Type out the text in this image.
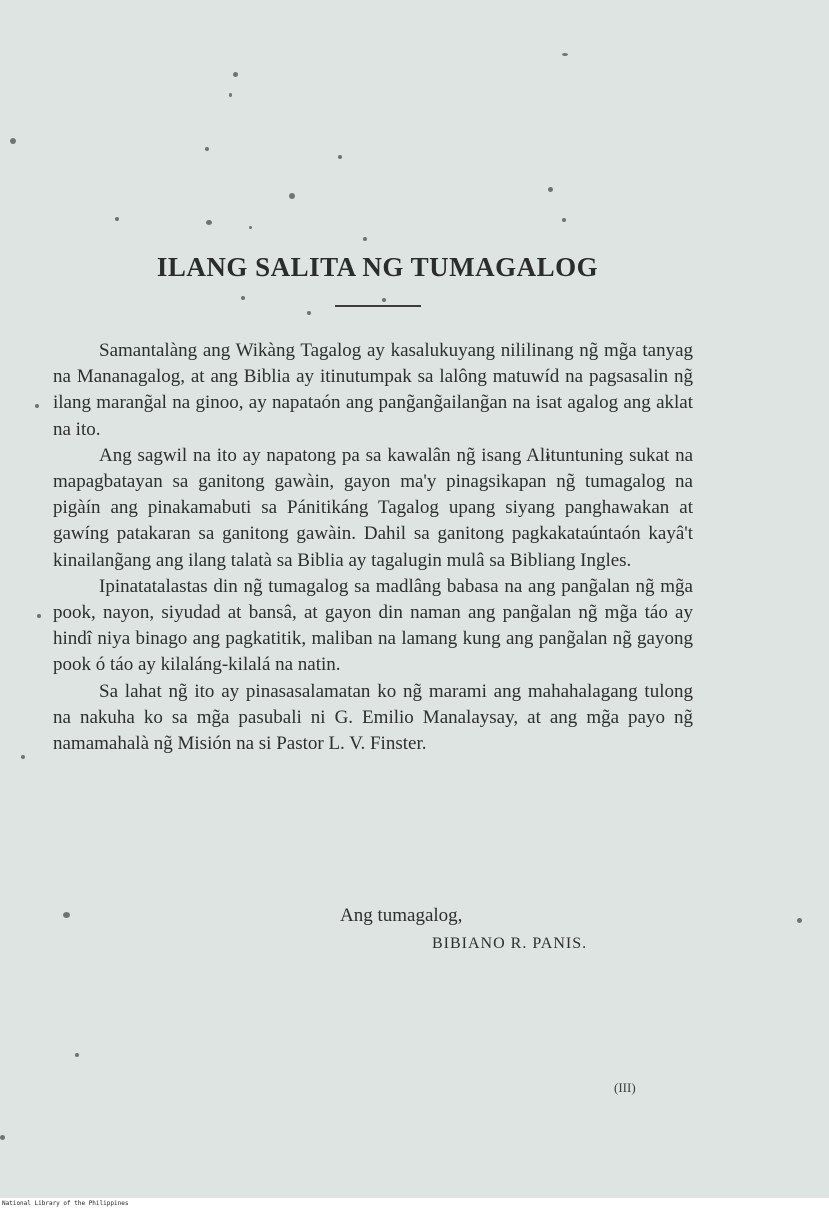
ILANG SALITA NG TUMAGALOG

Samantalàng ang Wikàng Tagalog ay kasalukuyang nililinang ng̃ mg̃a tanyag na Mananagalog, at ang Biblia ay itinutumpak sa lalông matuwíd na pagsasalin ng̃ ilang marang̃al na ginoo, ay napataón ang pang̃ang̃ailang̃an na isat agalog ang aklat na ito.

Ang sagwil na ito ay napatong pa sa kawalân ng̃ isang Alituntuning sukat na mapagbatayan sa ganitong gawàin, gayon ma'y pinagsikapan ng̃ tumagalog na pigàín ang pinakamabuti sa Pánitikáng Tagalog upang siyang panghawakan at gawíng patakaran sa ganitong gawàin. Dahil sa ganitong pagkakataúntaón kayâ't kinailang̃ang ang ilang talatà sa Biblia ay tagalugin mulâ sa Bibliang Ingles.

Ipinatatalastas din ng̃ tumagalog sa madlâng babasa na ang pang̃alan ng̃ mg̃a pook, nayon, siyudad at bansâ, at gayon din naman ang pang̃alan ng̃ mg̃a táo ay hindî niya binago ang pagkatitik, maliban na lamang kung ang pang̃alan ng̃ gayong pook ó táo ay kilaláng-kilalá na natin.

Sa lahat ng̃ ito ay pinasasalamatan ko ng̃ marami ang mahahalagang tulong na nakuha ko sa mg̃a pasubali ni G. Emilio Manalaysay, at ang mg̃a payo ng̃ namamahalà ng̃ Misión na si Pastor L. V. Finster.

Ang tumagalog,
BIBIANO R. PANIS.
(III)
National Library of the Philippines
